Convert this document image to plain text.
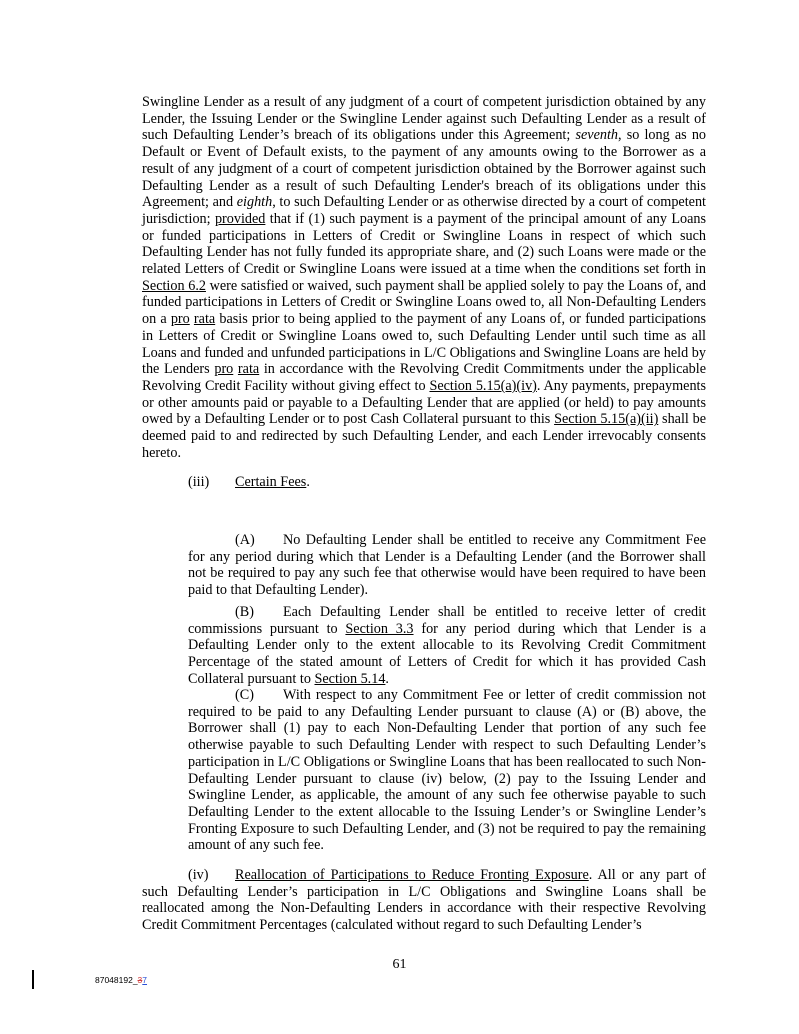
Swingline Lender as a result of any judgment of a court of competent jurisdiction obtained by any Lender, the Issuing Lender or the Swingline Lender against such Defaulting Lender as a result of such Defaulting Lender’s breach of its obligations under this Agreement; seventh, so long as no Default or Event of Default exists, to the payment of any amounts owing to the Borrower as a result of any judgment of a court of competent jurisdiction obtained by the Borrower against such Defaulting Lender as a result of such Defaulting Lender's breach of its obligations under this Agreement; and eighth, to such Defaulting Lender or as otherwise directed by a court of competent jurisdiction; provided that if (1) such payment is a payment of the principal amount of any Loans or funded participations in Letters of Credit or Swingline Loans in respect of which such Defaulting Lender has not fully funded its appropriate share, and (2) such Loans were made or the related Letters of Credit or Swingline Loans were issued at a time when the conditions set forth in Section 6.2 were satisfied or waived, such payment shall be applied solely to pay the Loans of, and funded participations in Letters of Credit or Swingline Loans owed to, all Non-Defaulting Lenders on a pro rata basis prior to being applied to the payment of any Loans of, or funded participations in Letters of Credit or Swingline Loans owed to, such Defaulting Lender until such time as all Loans and funded and unfunded participations in L/C Obligations and Swingline Loans are held by the Lenders pro rata in accordance with the Revolving Credit Commitments under the applicable Revolving Credit Facility without giving effect to Section 5.15(a)(iv). Any payments, prepayments or other amounts paid or payable to a Defaulting Lender that are applied (or held) to pay amounts owed by a Defaulting Lender or to post Cash Collateral pursuant to this Section 5.15(a)(ii) shall be deemed paid to and redirected by such Defaulting Lender, and each Lender irrevocably consents hereto.
(iii) Certain Fees.
(A) No Defaulting Lender shall be entitled to receive any Commitment Fee for any period during which that Lender is a Defaulting Lender (and the Borrower shall not be required to pay any such fee that otherwise would have been required to have been paid to that Defaulting Lender).
(B) Each Defaulting Lender shall be entitled to receive letter of credit commissions pursuant to Section 3.3 for any period during which that Lender is a Defaulting Lender only to the extent allocable to its Revolving Credit Commitment Percentage of the stated amount of Letters of Credit for which it has provided Cash Collateral pursuant to Section 5.14.
(C) With respect to any Commitment Fee or letter of credit commission not required to be paid to any Defaulting Lender pursuant to clause (A) or (B) above, the Borrower shall (1) pay to each Non-Defaulting Lender that portion of any such fee otherwise payable to such Defaulting Lender with respect to such Defaulting Lender’s participation in L/C Obligations or Swingline Loans that has been reallocated to such Non-Defaulting Lender pursuant to clause (iv) below, (2) pay to the Issuing Lender and Swingline Lender, as applicable, the amount of any such fee otherwise payable to such Defaulting Lender to the extent allocable to the Issuing Lender’s or Swingline Lender’s Fronting Exposure to such Defaulting Lender, and (3) not be required to pay the remaining amount of any such fee.
(iv) Reallocation of Participations to Reduce Fronting Exposure. All or any part of such Defaulting Lender’s participation in L/C Obligations and Swingline Loans shall be reallocated among the Non-Defaulting Lenders in accordance with their respective Revolving Credit Commitment Percentages (calculated without regard to such Defaulting Lender’s
61
87048192_37
